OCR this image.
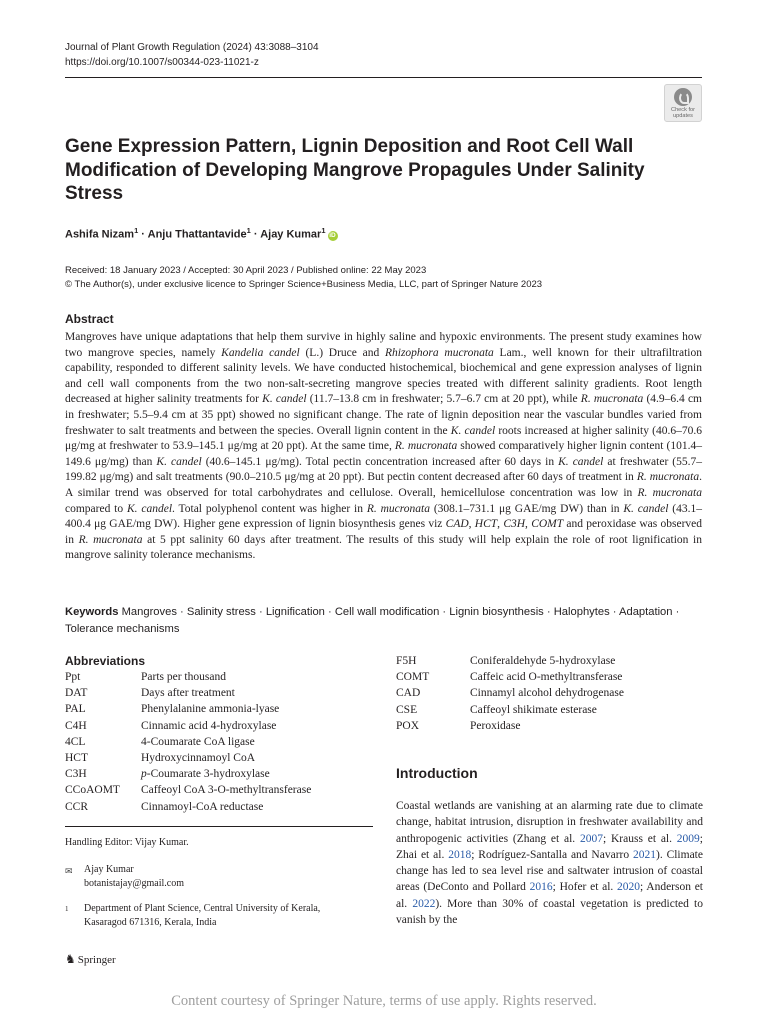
Journal of Plant Growth Regulation (2024) 43:3088–3104
https://doi.org/10.1007/s00344-023-11021-z
Check for updates
Gene Expression Pattern, Lignin Deposition and Root Cell Wall Modification of Developing Mangrove Propagules Under Salinity Stress
Ashifa Nizam$^1$ · Anju Thattantavide$^1$ · Ajay Kumar$^1$iD
Received: 18 January 2023 / Accepted: 30 April 2023 / Published online: 22 May 2023
© The Author(s), under exclusive licence to Springer Science+Business Media, LLC, part of Springer Nature 2023
Abstract

Mangroves have unique adaptations that help them survive in highly saline and hypoxic environments. The present study examines how two mangrove species, namely Kandelia candel (L.) Druce and Rhizophora mucronata Lam., well known for their ultrafiltration capability, responded to different salinity levels. We have conducted histochemical, biochemical and gene expression analyses of lignin and cell wall components from the two non-salt-secreting mangrove species treated with different salinity gradients. Root length decreased at higher salinity treatments for K. candel (11.7–13.8 cm in freshwater; 5.7–6.7 cm at 20 ppt), while R. mucronata (4.9–6.4 cm in freshwater; 5.5–9.4 cm at 35 ppt) showed no significant change. The rate of lignin deposition near the vascular bundles varied from freshwater to salt treatments and between the species. Overall lignin content in the K. candel roots increased at higher salinity (40.6–70.6 μg/mg at freshwater to 53.9–145.1 μg/mg at 20 ppt). At the same time, R. mucronata showed comparatively higher lignin content (101.4–149.6 μg/mg) than K. candel (40.6–145.1 μg/mg). Total pectin concentration increased after 60 days in K. candel at freshwater (55.7–199.82 μg/mg) and salt treatments (90.0–210.5 μg/mg at 20 ppt). But pectin content decreased after 60 days of treatment in R. mucronata. A similar trend was observed for total carbohydrates and cellulose. Overall, hemicellulose concentration was low in R. mucronata compared to K. candel. Total polyphenol content was higher in R. mucronata (308.1–731.1 μg GAE/mg DW) than in K. candel (43.1–400.4 μg GAE/mg DW). Higher gene expression of lignin biosynthesis genes viz CAD, HCT, C3H, COMT and peroxidase was observed in R. mucronata at 5 ppt salinity 60 days after treatment. The results of this study will help explain the role of root lignification in mangrove salinity tolerance mechanisms.

Keywords Mangroves · Salinity stress · Lignification · Cell wall modification · Lignin biosynthesis · Halophytes · Adaptation · Tolerance mechanisms
Abbreviations
Ppt	Parts per thousand
DAT	Days after treatment
PAL	Phenylalanine ammonia-lyase
C4H	Cinnamic acid 4-hydroxylase
4CL	4-Coumarate CoA ligase
HCT	Hydroxycinnamoyl CoA
C3H	p-Coumarate 3-hydroxylase
CCoAOMT	Caffeoyl CoA 3-O-methyltransferase
CCR	Cinnamoyl-CoA reductase
F5H	Coniferaldehyde 5-hydroxylase
COMT	Caffeic acid O-methyltransferase
CAD	Cinnamyl alcohol dehydrogenase
CSE	Caffeoyl shikimate esterase
POX	Peroxidase
Handling Editor: Vijay Kumar.
✉ Ajay Kumar
botanistajay@gmail.com
1 Department of Plant Science, Central University of Kerala,
Kasaragod 671316, Kerala, India
Introduction

Coastal wetlands are vanishing at an alarming rate due to climate change, habitat intrusion, disruption in freshwater availability and anthropogenic activities (Zhang et al. 2007; Krauss et al. 2009; Zhai et al. 2018; Rodríguez-Santalla and Navarro 2021). Climate change has led to sea level rise and saltwater intrusion of coastal areas (DeConto and Pollard 2016; Hofer et al. 2020; Anderson et al. 2022). More than 30% of coastal vegetation is predicted to vanish by the

♞ Springer
Content courtesy of Springer Nature, terms of use apply. Rights reserved.
